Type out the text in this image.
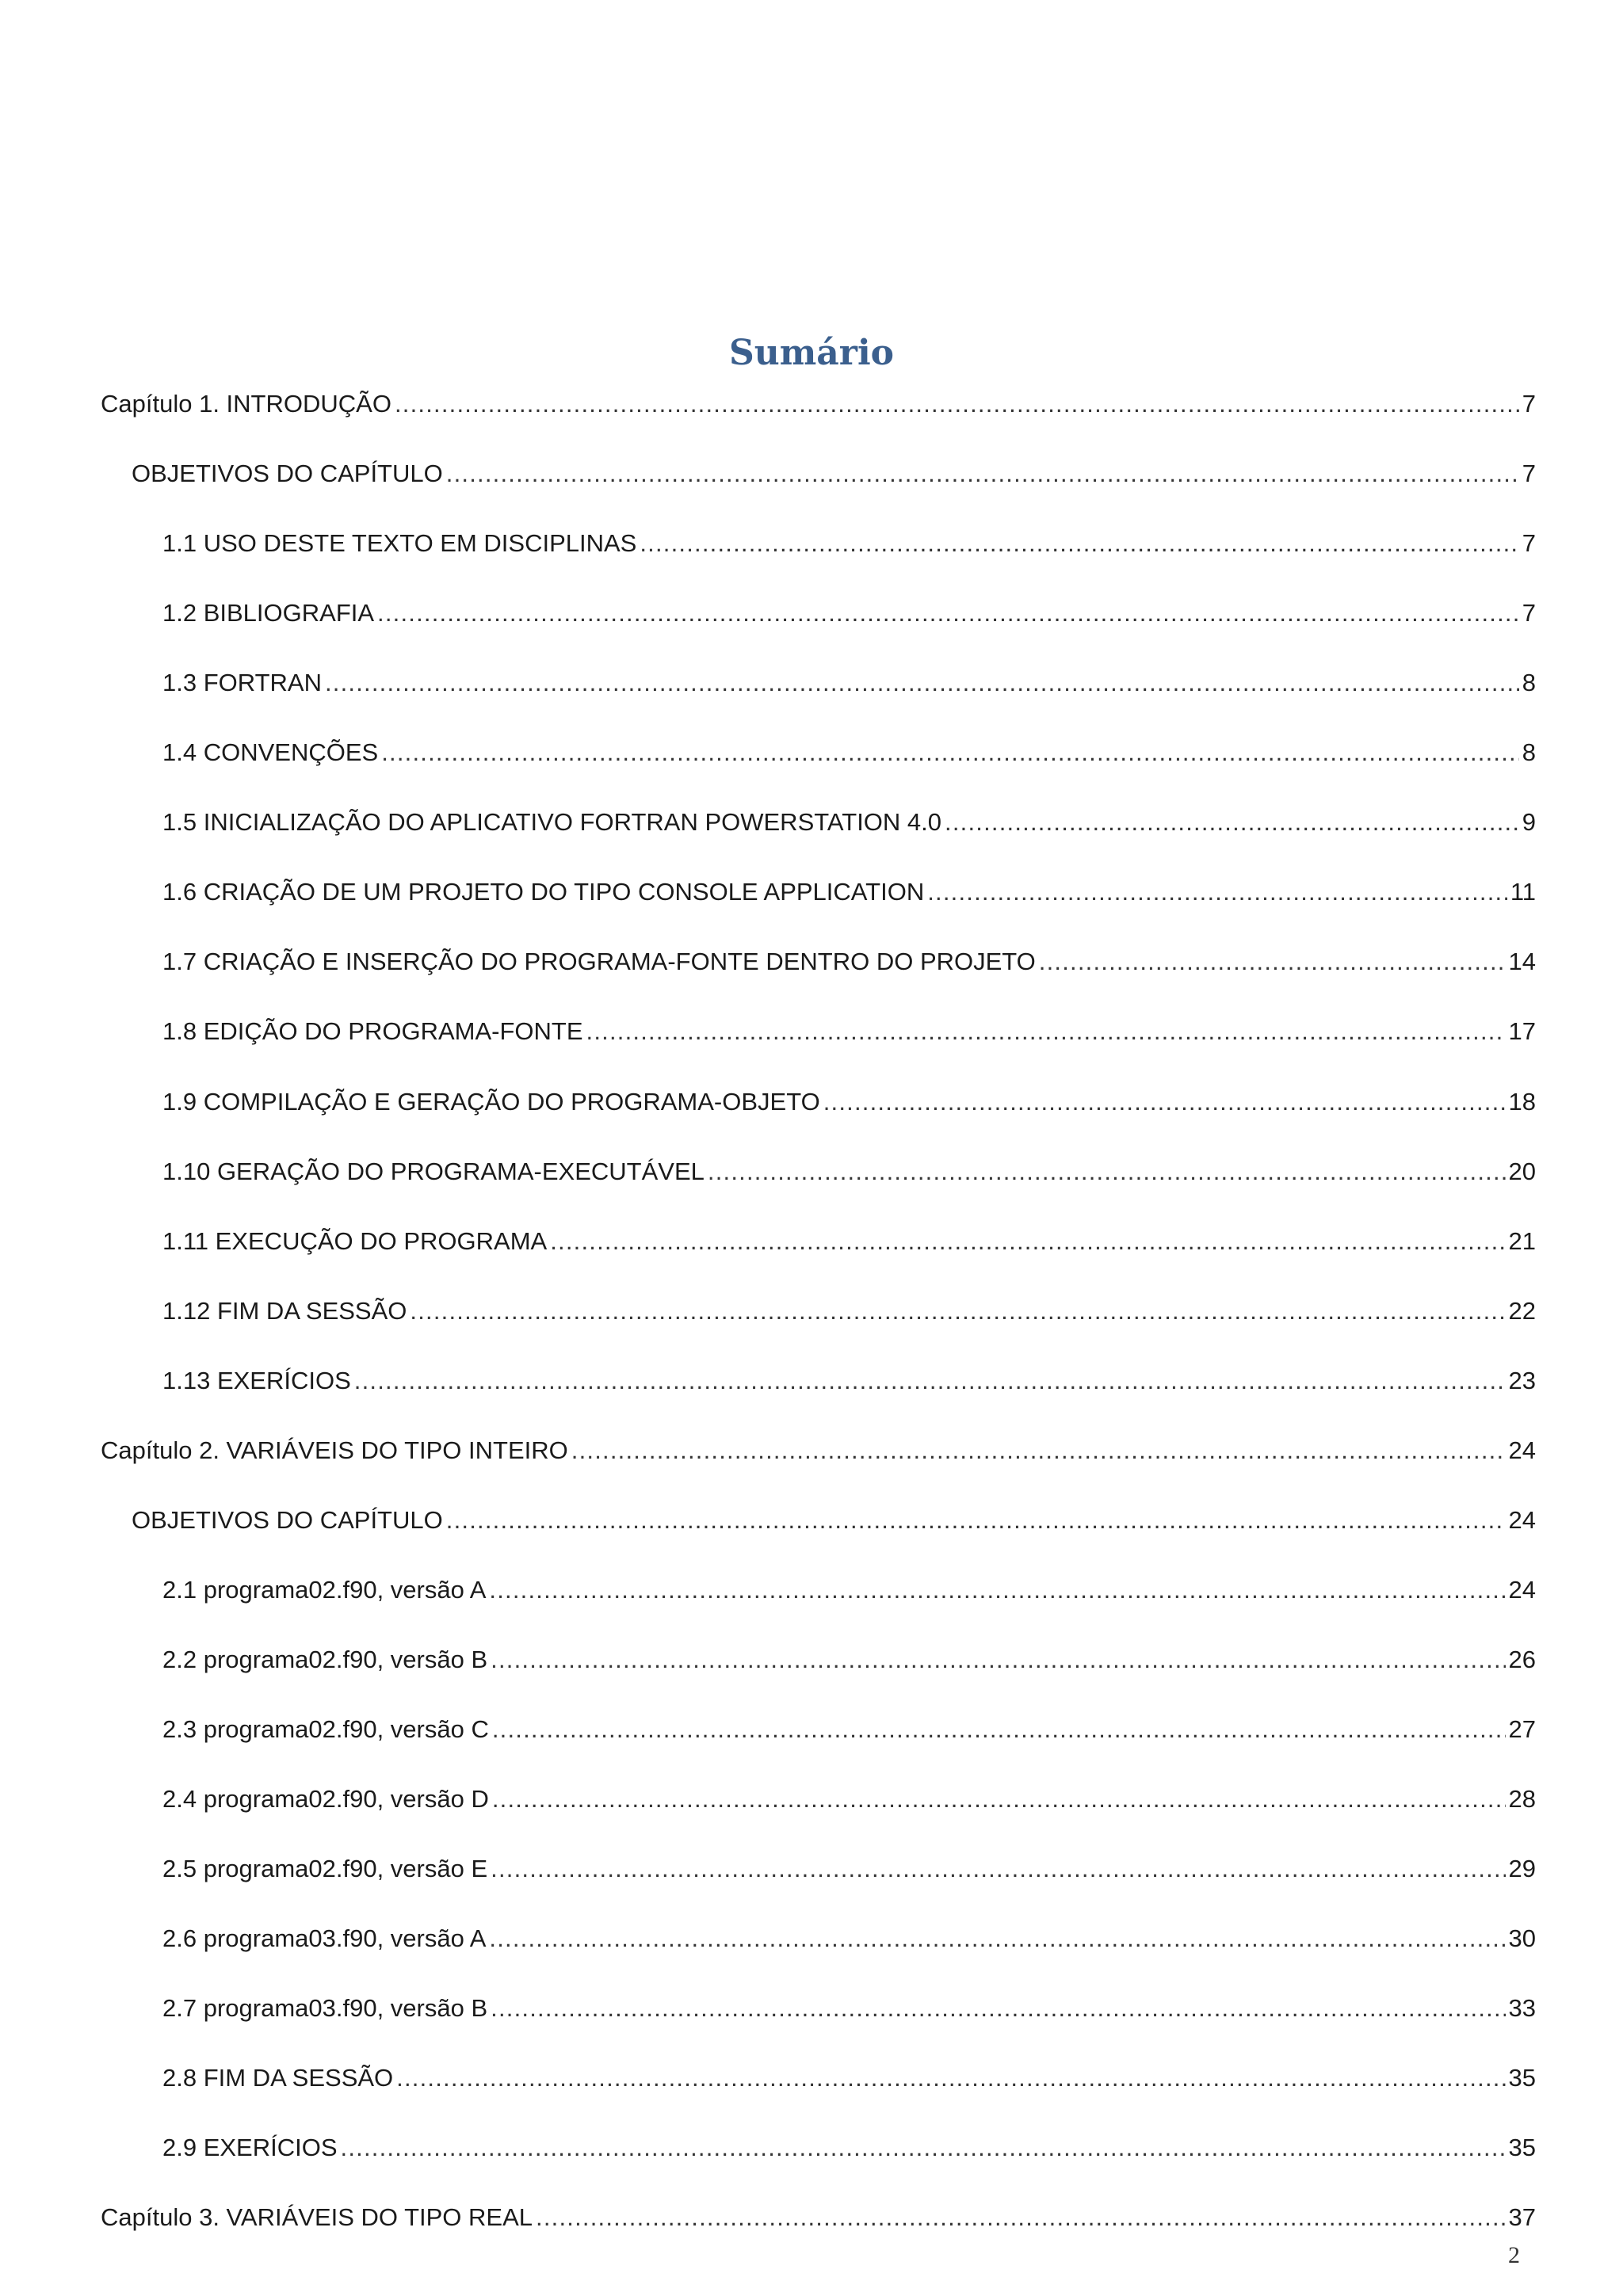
Sumário
Capítulo 1. INTRODUÇÃO .....	7
OBJETIVOS DO CAPÍTULO .....	7
1.1 USO DESTE TEXTO EM DISCIPLINAS .....	7
1.2 BIBLIOGRAFIA .....	7
1.3 FORTRAN .....	8
1.4 CONVENÇÕES .....	8
1.5 INICIALIZAÇÃO DO APLICATIVO FORTRAN POWERSTATION 4.0 .....	9
1.6 CRIAÇÃO DE UM PROJETO DO TIPO CONSOLE APPLICATION .....	11
1.7 CRIAÇÃO E INSERÇÃO DO PROGRAMA-FONTE DENTRO DO PROJETO .....	14
1.8 EDIÇÃO DO PROGRAMA-FONTE .....	17
1.9 COMPILAÇÃO E GERAÇÃO DO PROGRAMA-OBJETO .....	18
1.10 GERAÇÃO DO PROGRAMA-EXECUTÁVEL .....	20
1.11 EXECUÇÃO DO PROGRAMA .....	21
1.12 FIM DA SESSÃO .....	22
1.13 EXERÍCIOS .....	23
Capítulo 2. VARIÁVEIS DO TIPO INTEIRO .....	24
OBJETIVOS DO CAPÍTULO .....	24
2.1 programa02.f90, versão A .....	24
2.2 programa02.f90, versão B .....	26
2.3 programa02.f90, versão C .....	27
2.4 programa02.f90, versão D .....	28
2.5 programa02.f90, versão E .....	29
2.6 programa03.f90, versão A .....	30
2.7 programa03.f90, versão B .....	33
2.8 FIM DA SESSÃO .....	35
2.9 EXERÍCIOS .....	35
Capítulo 3. VARIÁVEIS DO TIPO REAL .....	37
2
